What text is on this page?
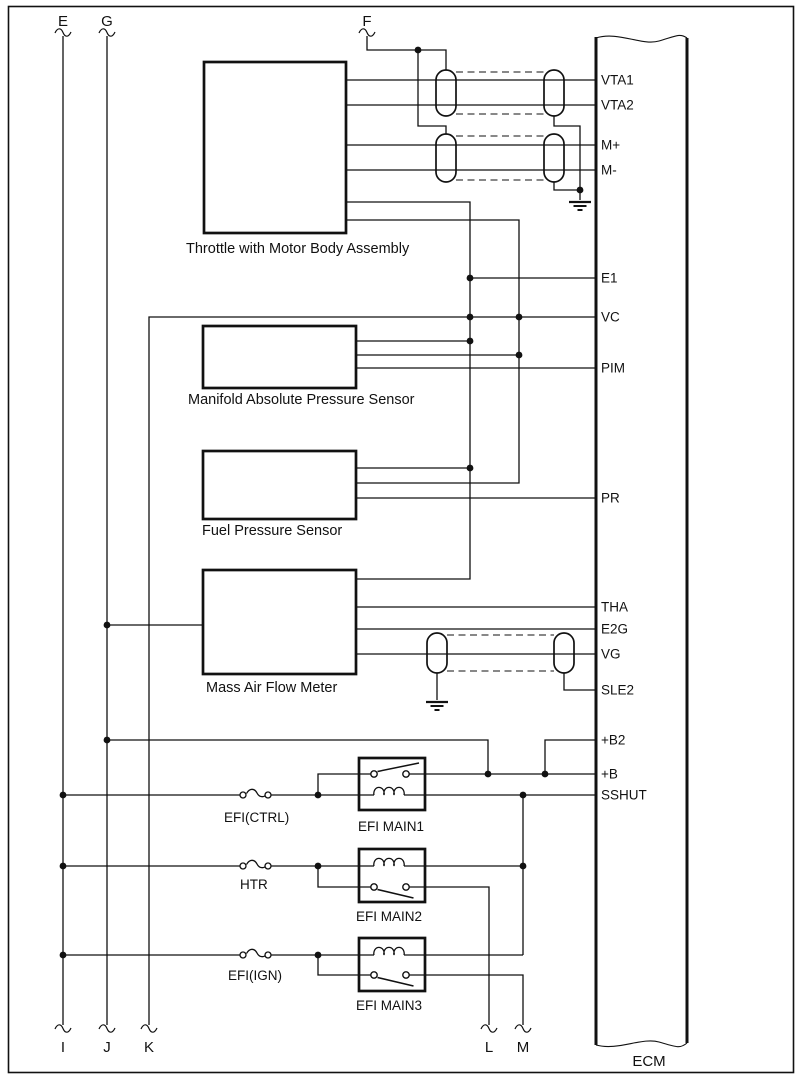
Throttle with Motor Body Assembly
Manifold Absolute Pressure Sensor
Fuel Pressure Sensor
Mass Air Flow Meter
ECM
VTA1
VTA2
M+
M-
E1
VC
PIM
PR
THA
E2G
VG
SLE2
+B2
+B
SSHUT
EFI MAIN1
EFI MAIN2
EFI MAIN3
EFI(CTRL)
HTR
EFI(IGN)
E G	F
I	J K	L M
